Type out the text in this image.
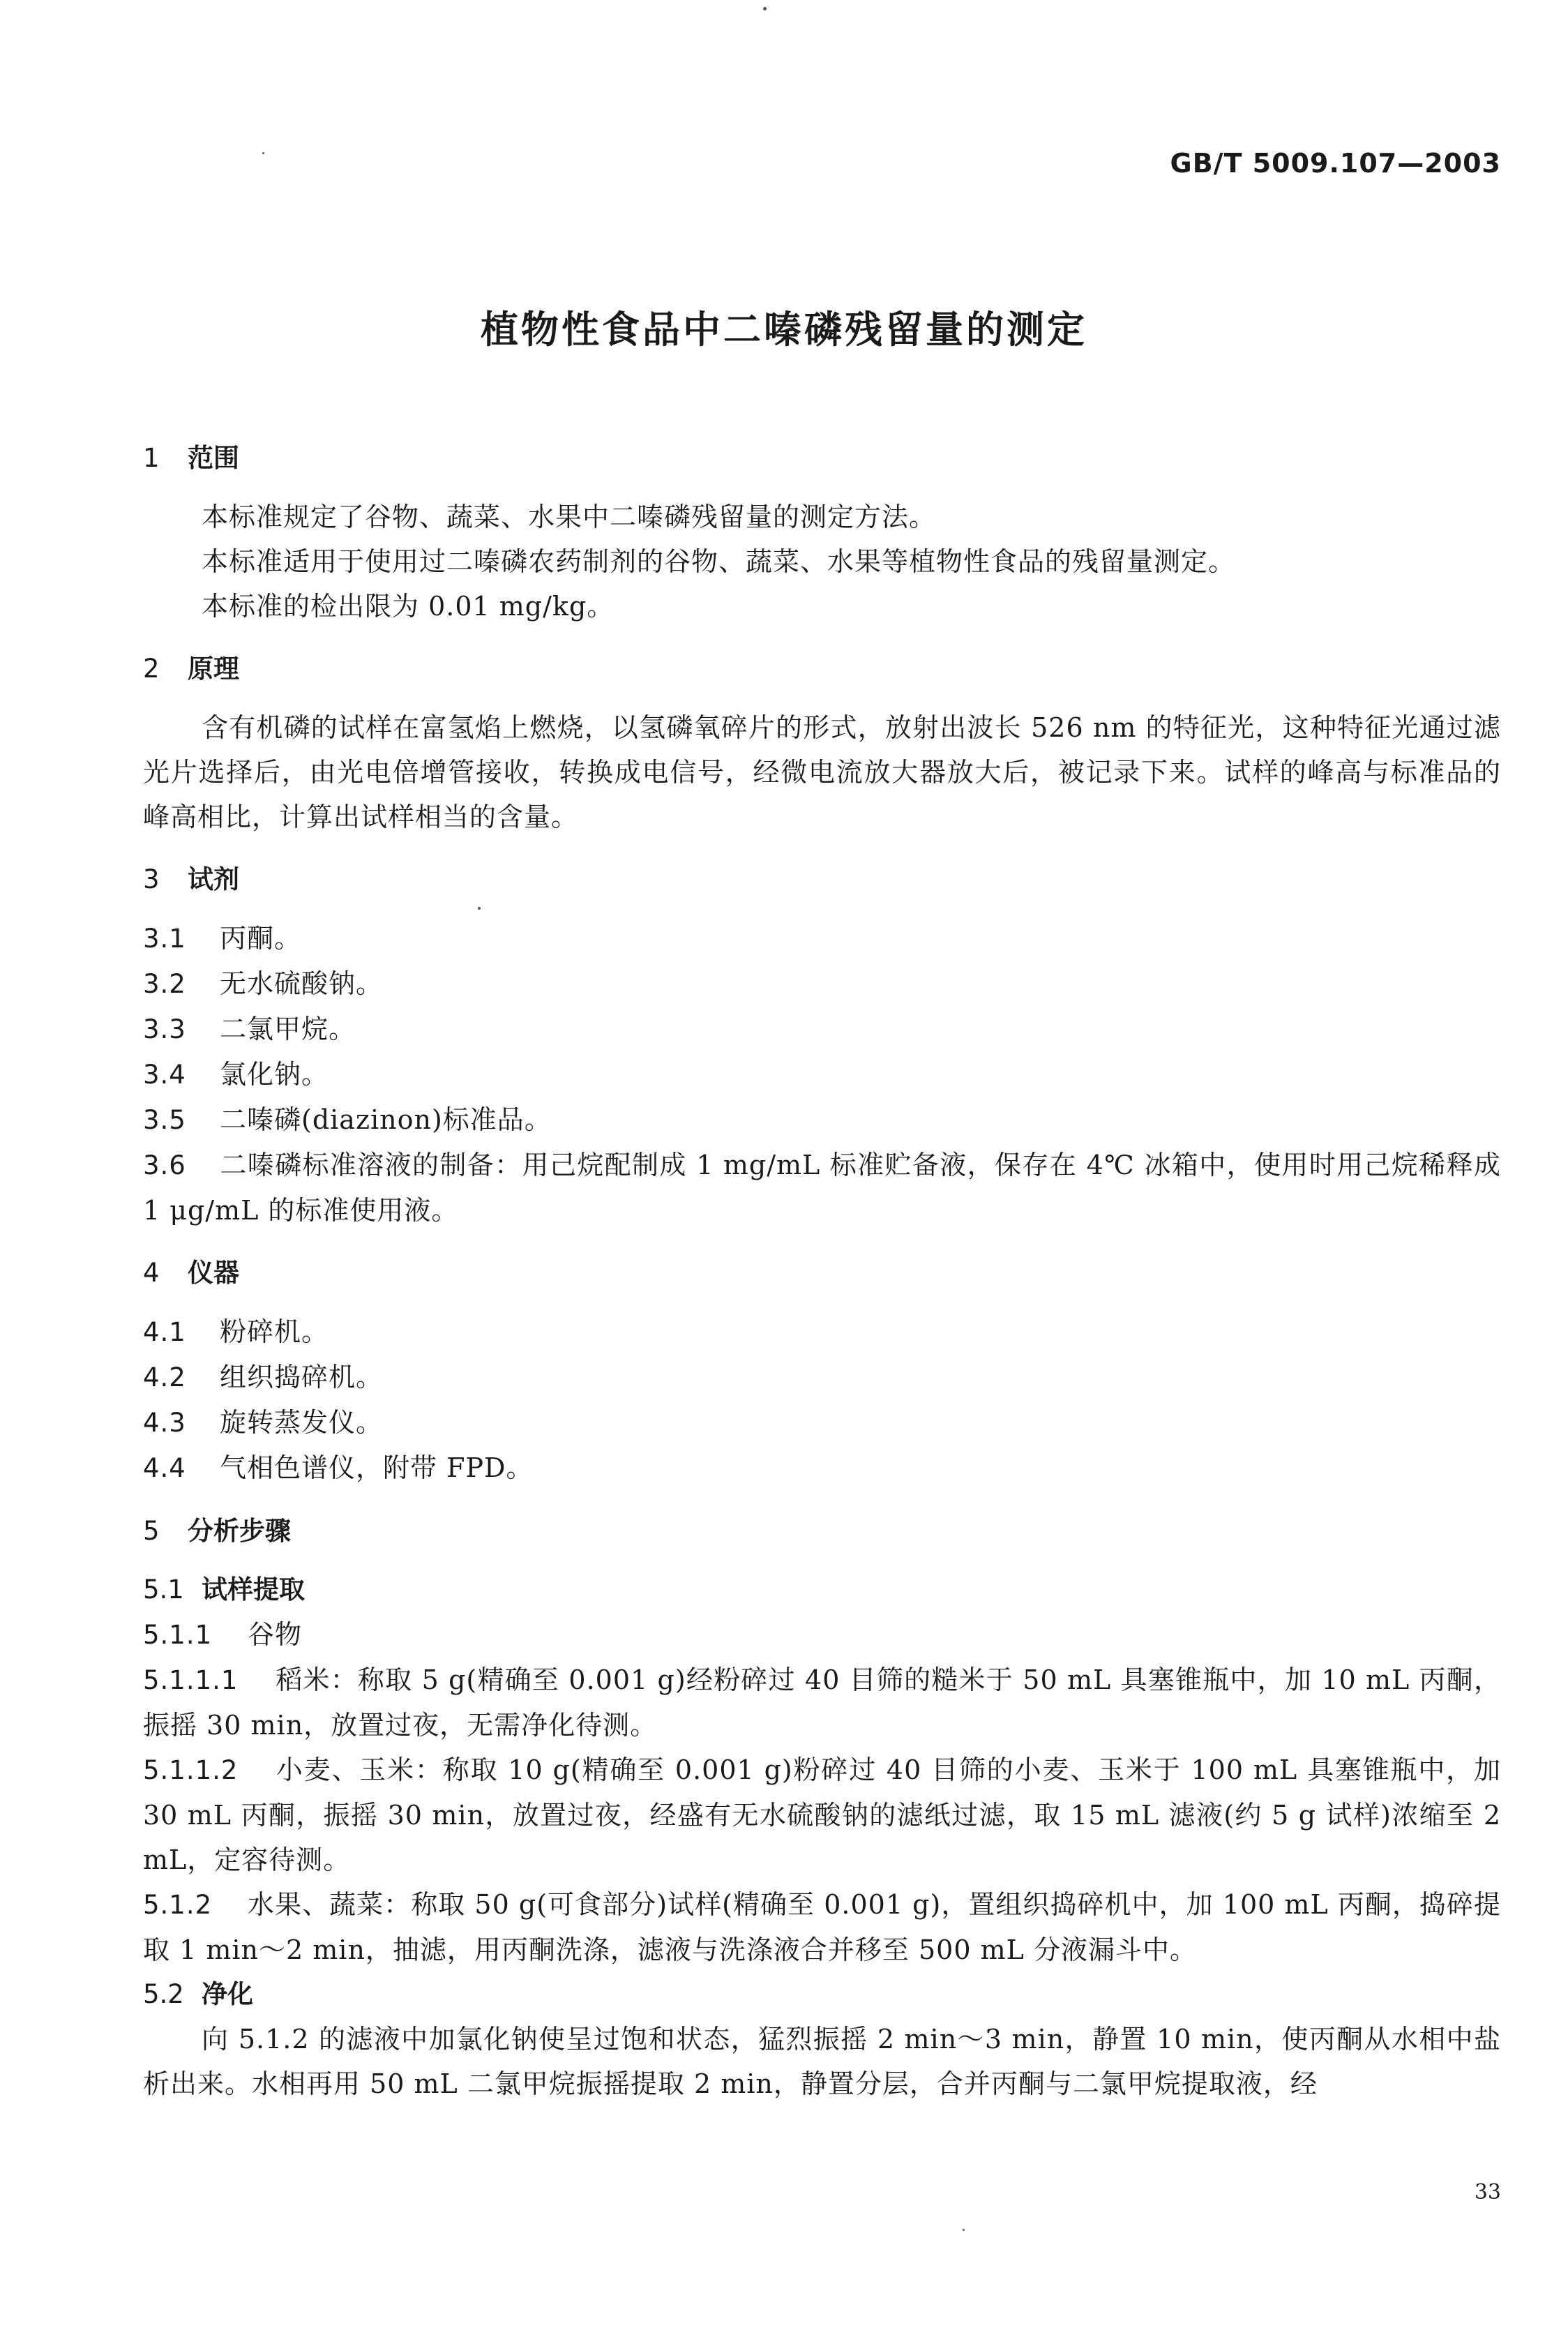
GB/T 5009.107—2003
植物性食品中二嗪磷残留量的测定
1 范围
本标准规定了谷物、蔬菜、水果中二嗪磷残留量的测定方法。
本标准适用于使用过二嗪磷农药制剂的谷物、蔬菜、水果等植物性食品的残留量测定。
本标准的检出限为 0.01 mg/kg。
2 原理
含有机磷的试样在富氢焰上燃烧，以氢磷氧碎片的形式，放射出波长 526 nm 的特征光，这种特征光通过滤光片选择后，由光电倍增管接收，转换成电信号，经微电流放大器放大后，被记录下来。试样的峰高与标准品的峰高相比，计算出试样相当的含量。
3 试剂
3.1 丙酮。
3.2 无水硫酸钠。
3.3 二氯甲烷。
3.4 氯化钠。
3.5 二嗪磷(diazinon)标准品。
3.6 二嗪磷标准溶液的制备：用己烷配制成 1 mg/mL 标准贮备液，保存在 4℃ 冰箱中，使用时用己烷稀释成 1 μg/mL 的标准使用液。
4 仪器
4.1 粉碎机。
4.2 组织捣碎机。
4.3 旋转蒸发仪。
4.4 气相色谱仪，附带 FPD。
5 分析步骤
5.1 试样提取
5.1.1 谷物
5.1.1.1 稻米：称取 5 g(精确至 0.001 g)经粉碎过 40 目筛的糙米于 50 mL 具塞锥瓶中，加 10 mL 丙酮，振摇 30 min，放置过夜，无需净化待测。
5.1.1.2 小麦、玉米：称取 10 g(精确至 0.001 g)粉碎过 40 目筛的小麦、玉米于 100 mL 具塞锥瓶中，加 30 mL 丙酮，振摇 30 min，放置过夜，经盛有无水硫酸钠的滤纸过滤，取 15 mL 滤液(约 5 g 试样)浓缩至 2 mL，定容待测。
5.1.2 水果、蔬菜：称取 50 g(可食部分)试样(精确至 0.001 g)，置组织捣碎机中，加 100 mL 丙酮，捣碎提取 1 min～2 min，抽滤，用丙酮洗涤，滤液与洗涤液合并移至 500 mL 分液漏斗中。
5.2 净化
向 5.1.2 的滤液中加氯化钠使呈过饱和状态，猛烈振摇 2 min～3 min，静置 10 min，使丙酮从水相中盐析出来。水相再用 50 mL 二氯甲烷振摇提取 2 min，静置分层，合并丙酮与二氯甲烷提取液，经
33
